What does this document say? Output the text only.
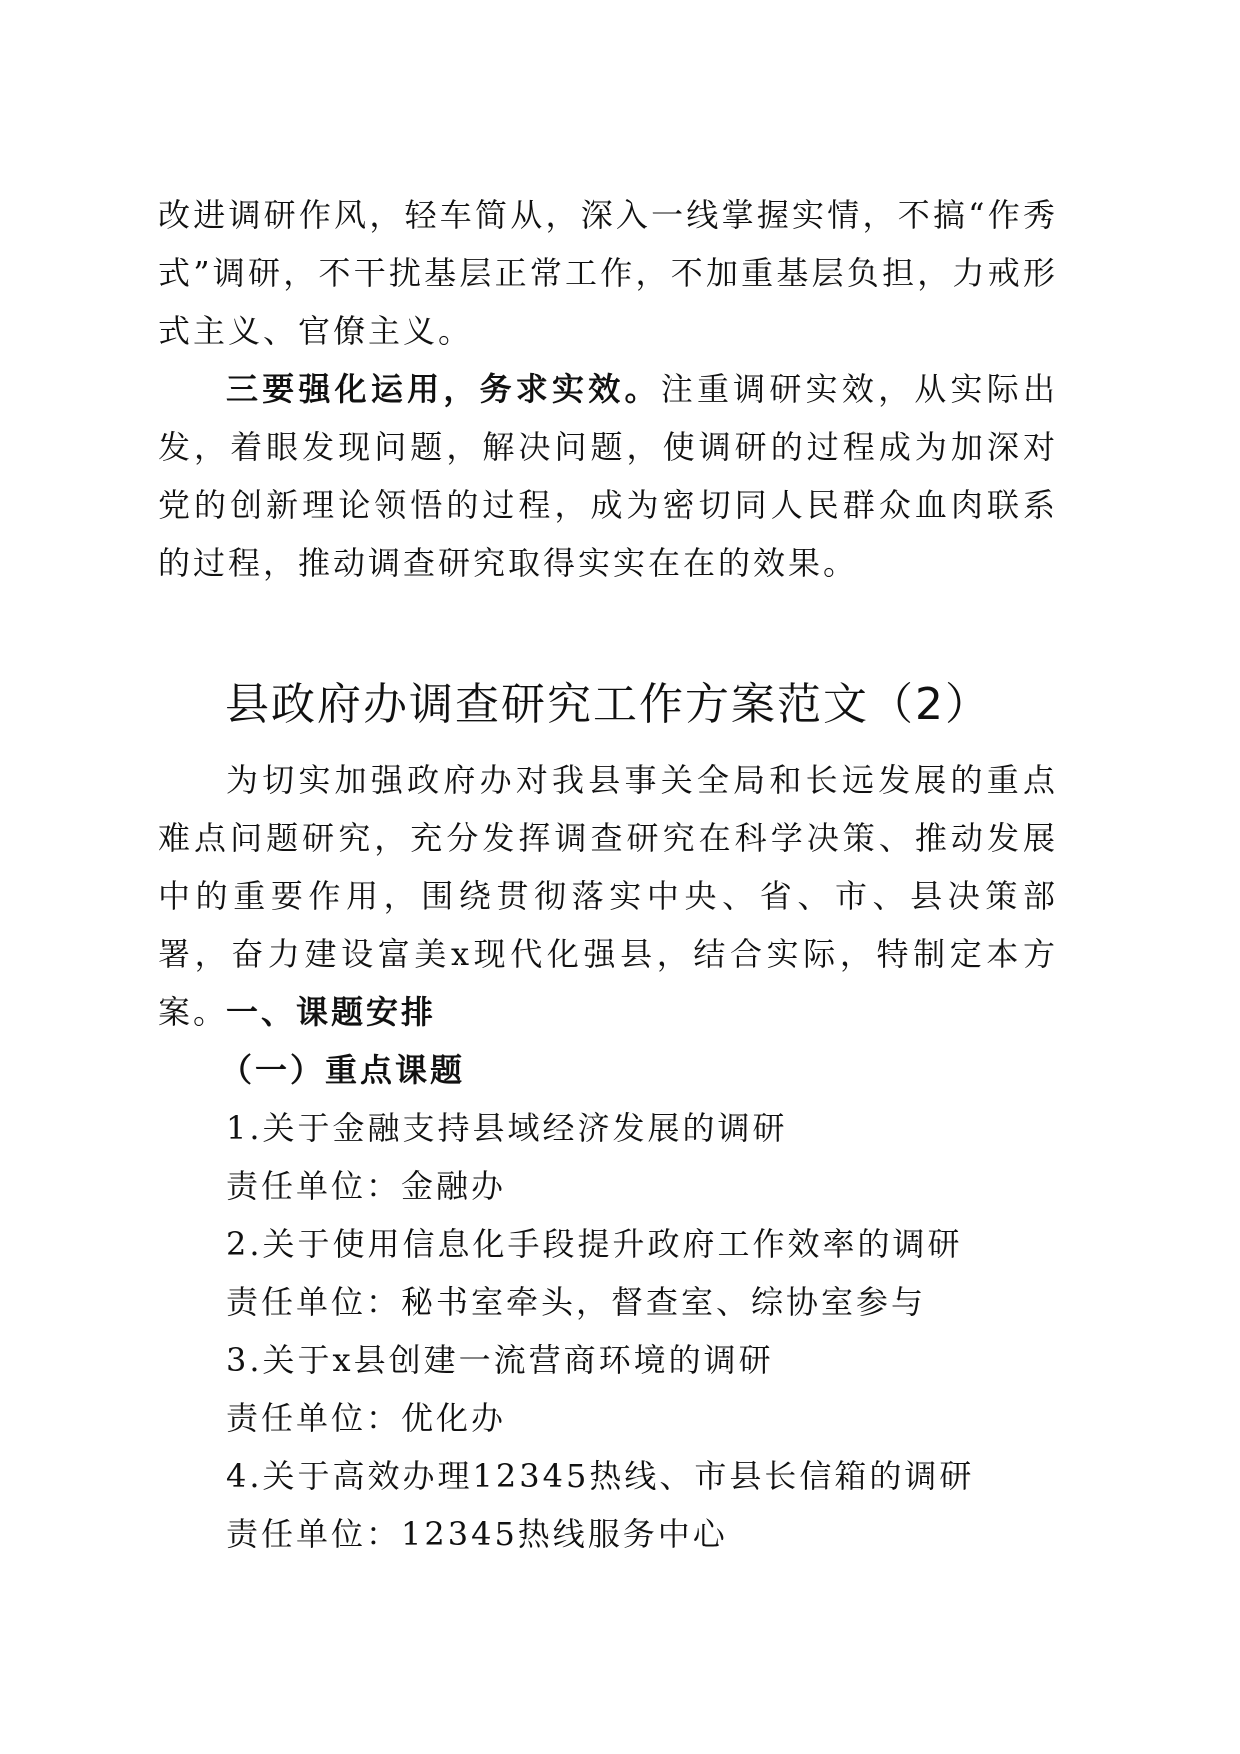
改进调研作风，轻车简从，深入一线掌握实情，不搞“作秀式”调研，不干扰基层正常工作，不加重基层负担，力戒形式主义、官僚主义。

三要强化运用，务求实效。注重调研实效，从实际出发，着眼发现问题，解决问题，使调研的过程成为加深对党的创新理论领悟的过程，成为密切同人民群众血肉联系的过程，推动调查研究取得实实在在的效果。

县政府办调查研究工作方案范文（2）

为切实加强政府办对我县事关全局和长远发展的重点难点问题研究，充分发挥调查研究在科学决策、推动发展中的重要作用，围绕贯彻落实中央、省、市、县决策部署，奋力建设富美x现代化强县，结合实际，特制定本方案。

一、课题安排

（一）重点课题

1.关于金融支持县域经济发展的调研

责任单位：金融办

2.关于使用信息化手段提升政府工作效率的调研

责任单位：秘书室牵头，督查室、综协室参与

3.关于x县创建一流营商环境的调研

责任单位：优化办

4.关于高效办理12345热线、市县长信箱的调研

责任单位：12345热线服务中心
